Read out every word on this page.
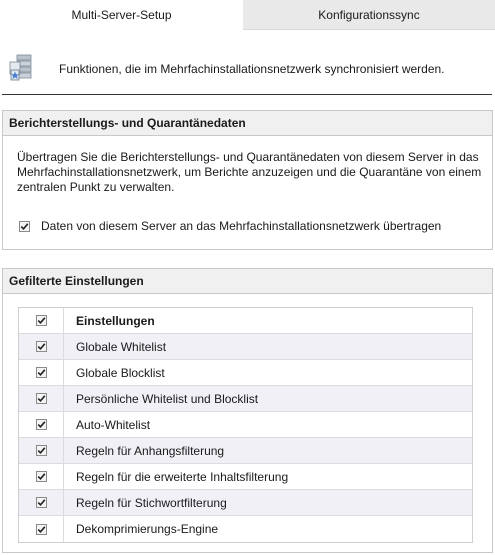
Multi-Server-Setup	Konfigurationssync
Funktionen, die im Mehrfachinstallationsnetzwerk synchronisiert werden.
Berichterstellungs- und Quarantänedaten
Übertragen Sie die Berichterstellungs- und Quarantänedaten von diesem Server in das Mehrfachinstallationsnetzwerk, um Berichte anzuzeigen und die Quarantäne von einem zentralen Punkt zu verwalten.
Daten von diesem Server an das Mehrfachinstallationsnetzwerk übertragen
Gefilterte Einstellungen
Einstellungen
Globale Whitelist
Globale Blocklist
Persönliche Whitelist und Blocklist
Auto-Whitelist
Regeln für Anhangsfilterung
Regeln für die erweiterte Inhaltsfilterung
Regeln für Stichwortfilterung
Dekomprimierungs-Engine
